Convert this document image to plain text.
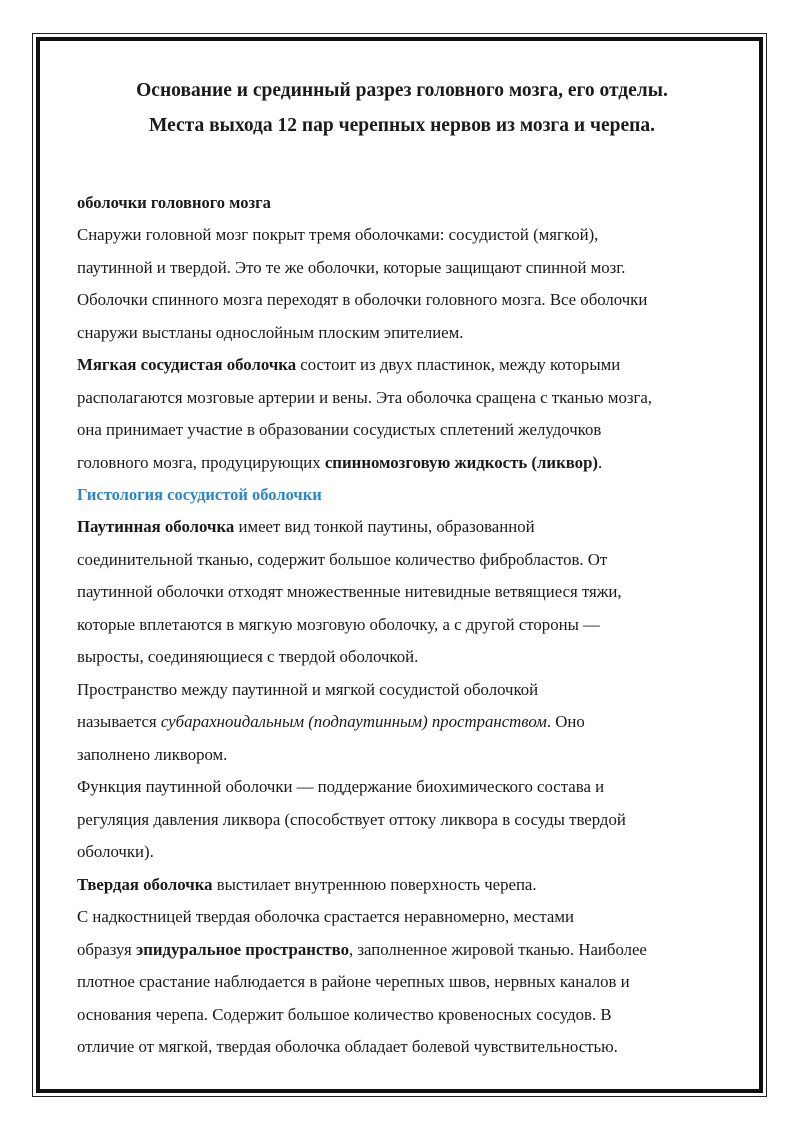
Основание и срединный разрез головного мозга, его отделы.
Места выхода 12 пар черепных нервов из мозга и черепа.
оболочки головного мозга

Снаружи головной мозг покрыт тремя оболочками: сосудистой (мягкой),
паутинной и твердой. Это те же оболочки, которые защищают спинной мозг.
Оболочки спинного мозга переходят в оболочки головного мозга. Все оболочки
снаружи выстланы однослойным плоским эпителием.

Мягкая сосудистая оболочка состоит из двух пластинок, между которыми
располагаются мозговые артерии и вены. Эта оболочка сращена с тканью мозга,
она принимает участие в образовании сосудистых сплетений желудочков
головного мозга, продуцирующих спинномозговую жидкость (ликвор).

Гистология сосудистой оболочки

Паутинная оболочка имеет вид тонкой паутины, образованной
соединительной тканью, содержит большое количество фибробластов. От
паутинной оболочки отходят множественные нитевидные ветвящиеся тяжи,
которые вплетаются в мягкую мозговую оболочку, а с другой стороны —
выросты, соединяющиеся с твердой оболочкой.

Пространство между паутинной и мягкой сосудистой оболочкой
называется субарахноидальным (подпаутинным) пространством. Оно
заполнено ликвором.

Функция паутинной оболочки — поддержание биохимического состава и
регуляция давления ликвора (способствует оттоку ликвора в сосуды твердой
оболочки).

Твердая оболочка выстилает внутреннюю поверхность черепа.

С надкостницей твердая оболочка срастается неравномерно, местами
образуя эпидуральное пространство, заполненное жировой тканью. Наиболее
плотное срастание наблюдается в районе черепных швов, нервных каналов и
основания черепа. Содержит большое количество кровеносных сосудов. В
отличие от мягкой, твердая оболочка обладает болевой чувствительностью.
